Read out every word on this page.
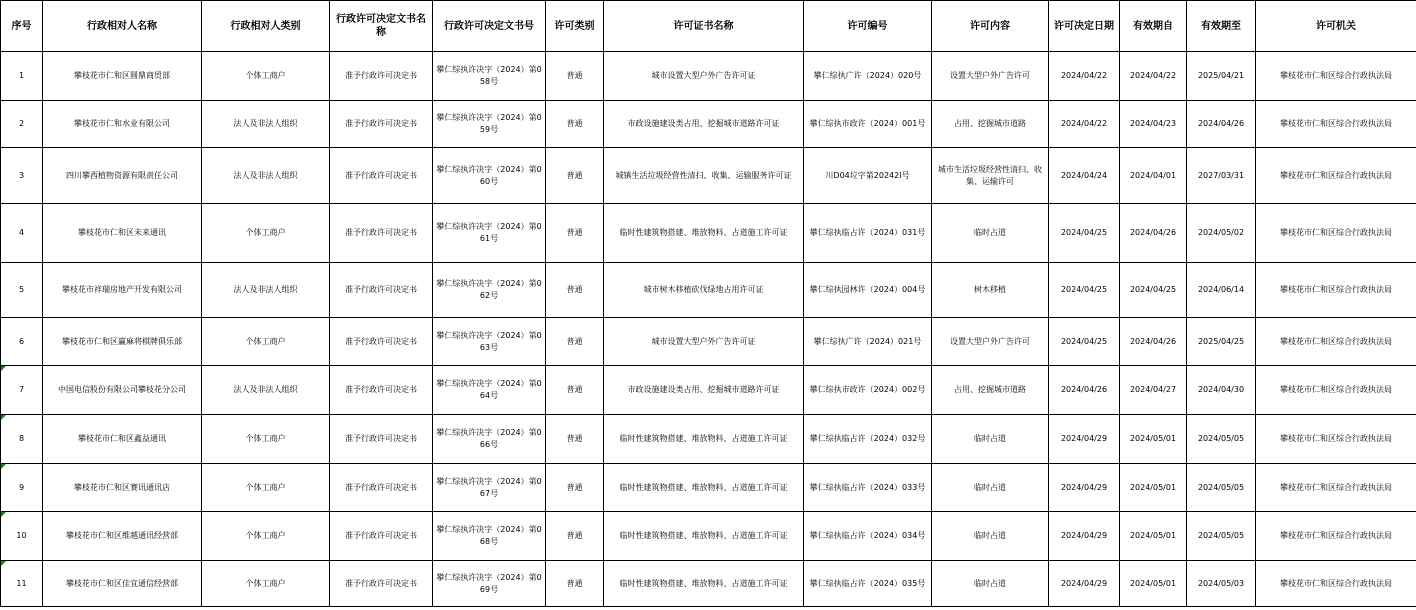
序号	行政相对人名称	行政相对人类别	行政许可决定文书名称	行政许可决定文书号	许可类别	许可证书名称	许可编号	许可内容	许可决定日期	有效期自	有效期至	许可机关
1	攀枝花市仁和区圆鼎商贸部	个体工商户	准予行政许可决定书	攀仁综执许决字（2024）第058号	普通	城市设置大型户外广告许可证	攀仁综执广许（2024）020号	设置大型户外广告许可	2024/04/22	2024/04/22	2025/04/21	攀枝花市仁和区综合行政执法局
2	攀枝花市仁和水业有限公司	法人及非法人组织	准予行政许可决定书	攀仁综执许决字（2024）第059号	普通	市政设施建设类占用、挖掘城市道路许可证	攀仁综执市政许（2024）001号	占用、挖掘城市道路	2024/04/22	2024/04/23	2024/04/26	攀枝花市仁和区综合行政执法局
3	四川攀西植物资源有限责任公司	法人及非法人组织	准予行政许可决定书	攀仁综执许决字（2024）第060号	普通	城镇生活垃圾经营性清扫、收集、运输服务许可证	川D04垃字第20242Ⅰ号	城市生活垃圾经营性清扫、收集、运输许可	2024/04/24	2024/04/01	2027/03/31	攀枝花市仁和区综合行政执法局
4	攀枝花市仁和区未来通讯	个体工商户	准予行政许可决定书	攀仁综执许决字（2024）第061号	普通	临时性建筑物搭建、堆放物料、占道施工许可证	攀仁综执临占许（2024）031号	临时占道	2024/04/25	2024/04/26	2024/05/02	攀枝花市仁和区综合行政执法局
5	攀枝花市祥瑞房地产开发有限公司	法人及非法人组织	准予行政许可决定书	攀仁综执许决字（2024）第062号	普通	城市树木移植砍伐绿地占用许可证	攀仁综执园林许（2024）004号	树木移植	2024/04/25	2024/04/25	2024/06/14	攀枝花市仁和区综合行政执法局
6	攀枝花市仁和区赢麻将棋牌俱乐部	个体工商户	准予行政许可决定书	攀仁综执许决字（2024）第063号	普通	城市设置大型户外广告许可证	攀仁综执广许（2024）021号	设置大型户外广告许可	2024/04/25	2024/04/26	2025/04/25	攀枝花市仁和区综合行政执法局
7	中国电信股份有限公司攀枝花分公司	法人及非法人组织	准予行政许可决定书	攀仁综执许决字（2024）第064号	普通	市政设施建设类占用、挖掘城市道路许可证	攀仁综执市政许（2024）002号	占用、挖掘城市道路	2024/04/26	2024/04/27	2024/04/30	攀枝花市仁和区综合行政执法局
8	攀枝花市仁和区鑫益通讯	个体工商户	准予行政许可决定书	攀仁综执许决字（2024）第066号	普通	临时性建筑物搭建、堆放物料、占道施工许可证	攀仁综执临占许（2024）032号	临时占道	2024/04/29	2024/05/01	2024/05/05	攀枝花市仁和区综合行政执法局
9	攀枝花市仁和区赛讯通讯店	个体工商户	准予行政许可决定书	攀仁综执许决字（2024）第067号	普通	临时性建筑物搭建、堆放物料、占道施工许可证	攀仁综执临占许（2024）033号	临时占道	2024/04/29	2024/05/01	2024/05/05	攀枝花市仁和区综合行政执法局
10	攀枝花市仁和区维越通讯经营部	个体工商户	准予行政许可决定书	攀仁综执许决字（2024）第068号	普通	临时性建筑物搭建、堆放物料、占道施工许可证	攀仁综执临占许（2024）034号	临时占道	2024/04/29	2024/05/01	2024/05/05	攀枝花市仁和区综合行政执法局
11	攀枝花市仁和区佳宜通信经营部	个体工商户	准予行政许可决定书	攀仁综执许决字（2024）第069号	普通	临时性建筑物搭建、堆放物料、占道施工许可证	攀仁综执临占许（2024）035号	临时占道	2024/04/29	2024/05/01	2024/05/03	攀枝花市仁和区综合行政执法局
